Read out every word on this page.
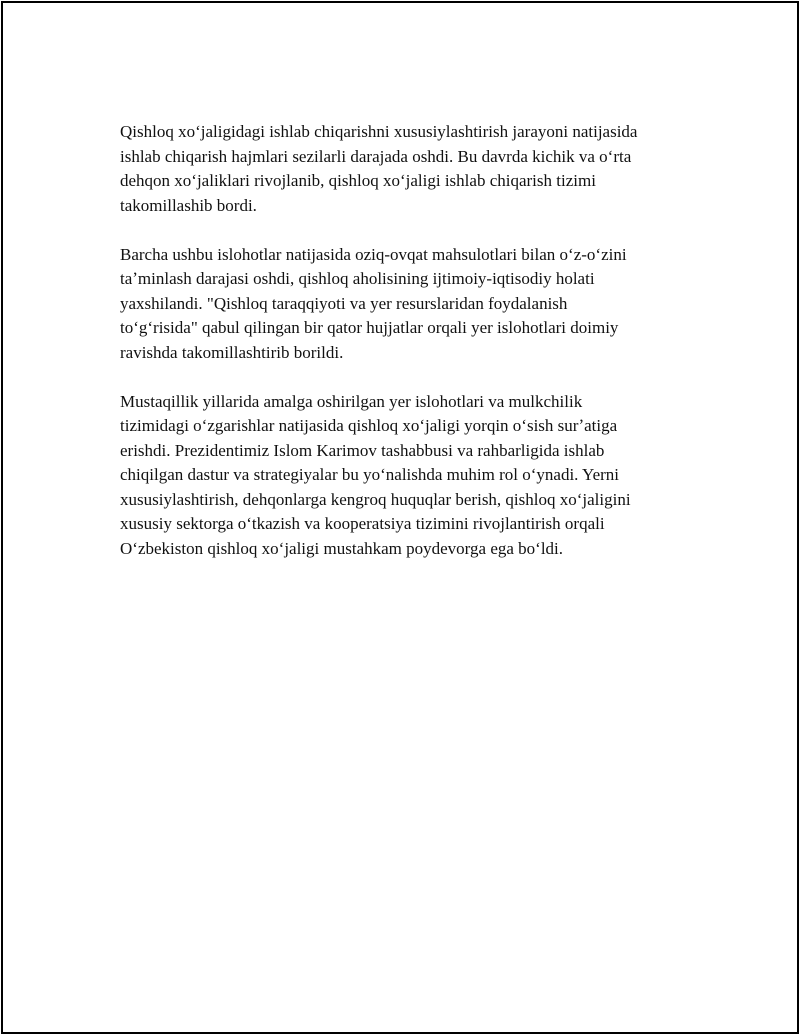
Qishloq xoʻjaligidagi ishlab chiqarishni xususiylashtirish jarayoni natijasida
ishlab chiqarish hajmlari sezilarli darajada oshdi. Bu davrda kichik va oʻrta
dehqon xoʻjaliklari rivojlanib, qishloq xoʻjaligi ishlab chiqarish tizimi
takomillashib bordi.

Barcha ushbu islohotlar natijasida oziq-ovqat mahsulotlari bilan oʻz-oʻzini
taʼminlash darajasi oshdi, qishloq aholisining ijtimoiy-iqtisodiy holati
yaxshilandi. "Qishloq taraqqiyoti va yer resurslaridan foydalanish
toʻgʻrisida" qabul qilingan bir qator hujjatlar orqali yer islohotlari doimiy
ravishda takomillashtirib borildi.

Mustaqillik yillarida amalga oshirilgan yer islohotlari va mulkchilik
tizimidagi oʻzgarishlar natijasida qishloq xoʻjaligi yorqin oʻsish surʼatiga
erishdi. Prezidentimiz Islom Karimov tashabbusi va rahbarligida ishlab
chiqilgan dastur va strategiyalar bu yoʻnalishda muhim rol oʻynadi. Yerni
xususiylashtirish, dehqonlarga kengroq huquqlar berish, qishloq xoʻjaligini
xususiy sektorga oʻtkazish va kooperatsiya tizimini rivojlantirish orqali
Oʻzbekiston qishloq xoʻjaligi mustahkam poydevorga ega boʻldi.
